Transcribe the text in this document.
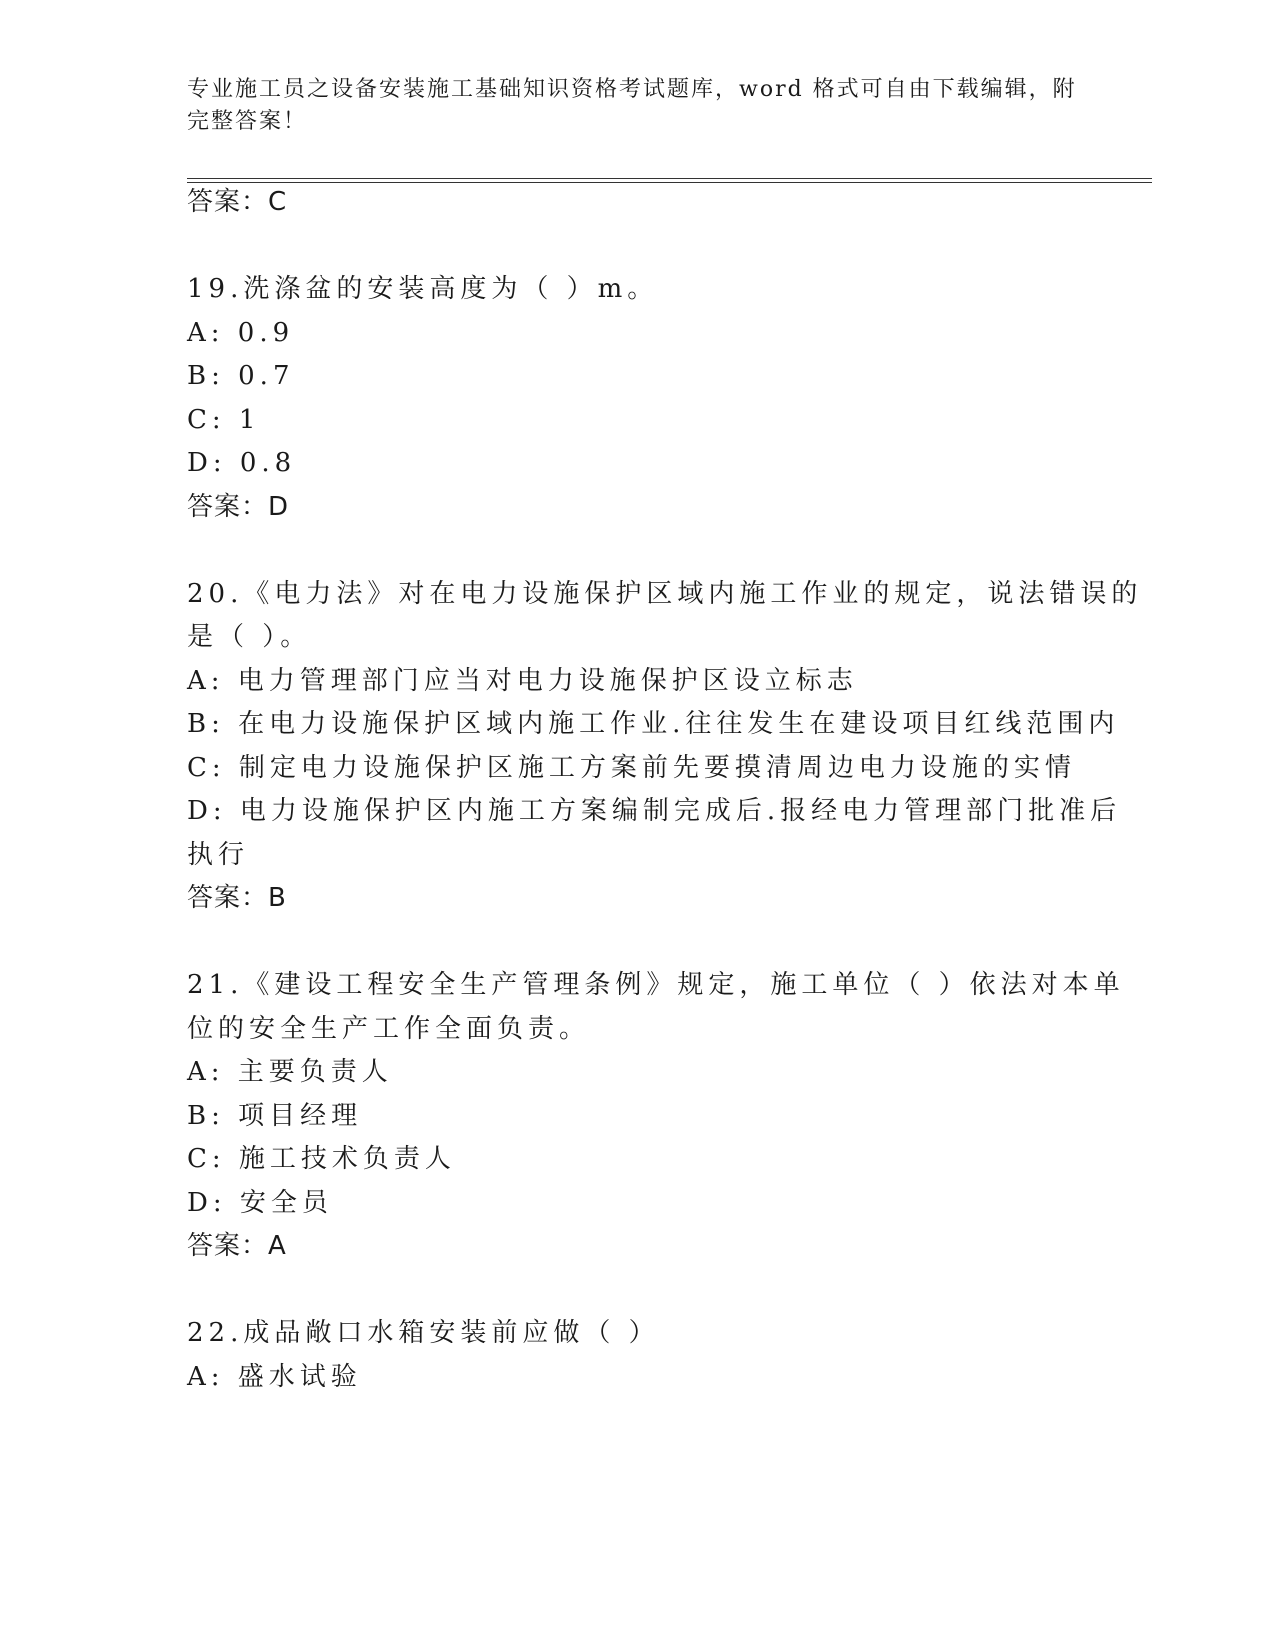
专业施工员之设备安装施工基础知识资格考试题库，word 格式可自由下载编辑，附完整答案！
答案：C
19.洗涤盆的安装高度为（ ）m。
A: 0.9
B: 0.7
C: 1
D: 0.8
答案：D
20.《电力法》对在电力设施保护区域内施工作业的规定，说法错误的
是（ ）。
A: 电力管理部门应当对电力设施保护区设立标志
B: 在电力设施保护区域内施工作业.往往发生在建设项目红线范围内
C: 制定电力设施保护区施工方案前先要摸清周边电力设施的实情
D: 电力设施保护区内施工方案编制完成后.报经电力管理部门批准后
执行
答案：B
21.《建设工程安全生产管理条例》规定，施工单位（ ）依法对本单
位的安全生产工作全面负责。
A: 主要负责人
B: 项目经理
C: 施工技术负责人
D: 安全员
答案：A
22.成品敞口水箱安装前应做（ ）
A: 盛水试验
